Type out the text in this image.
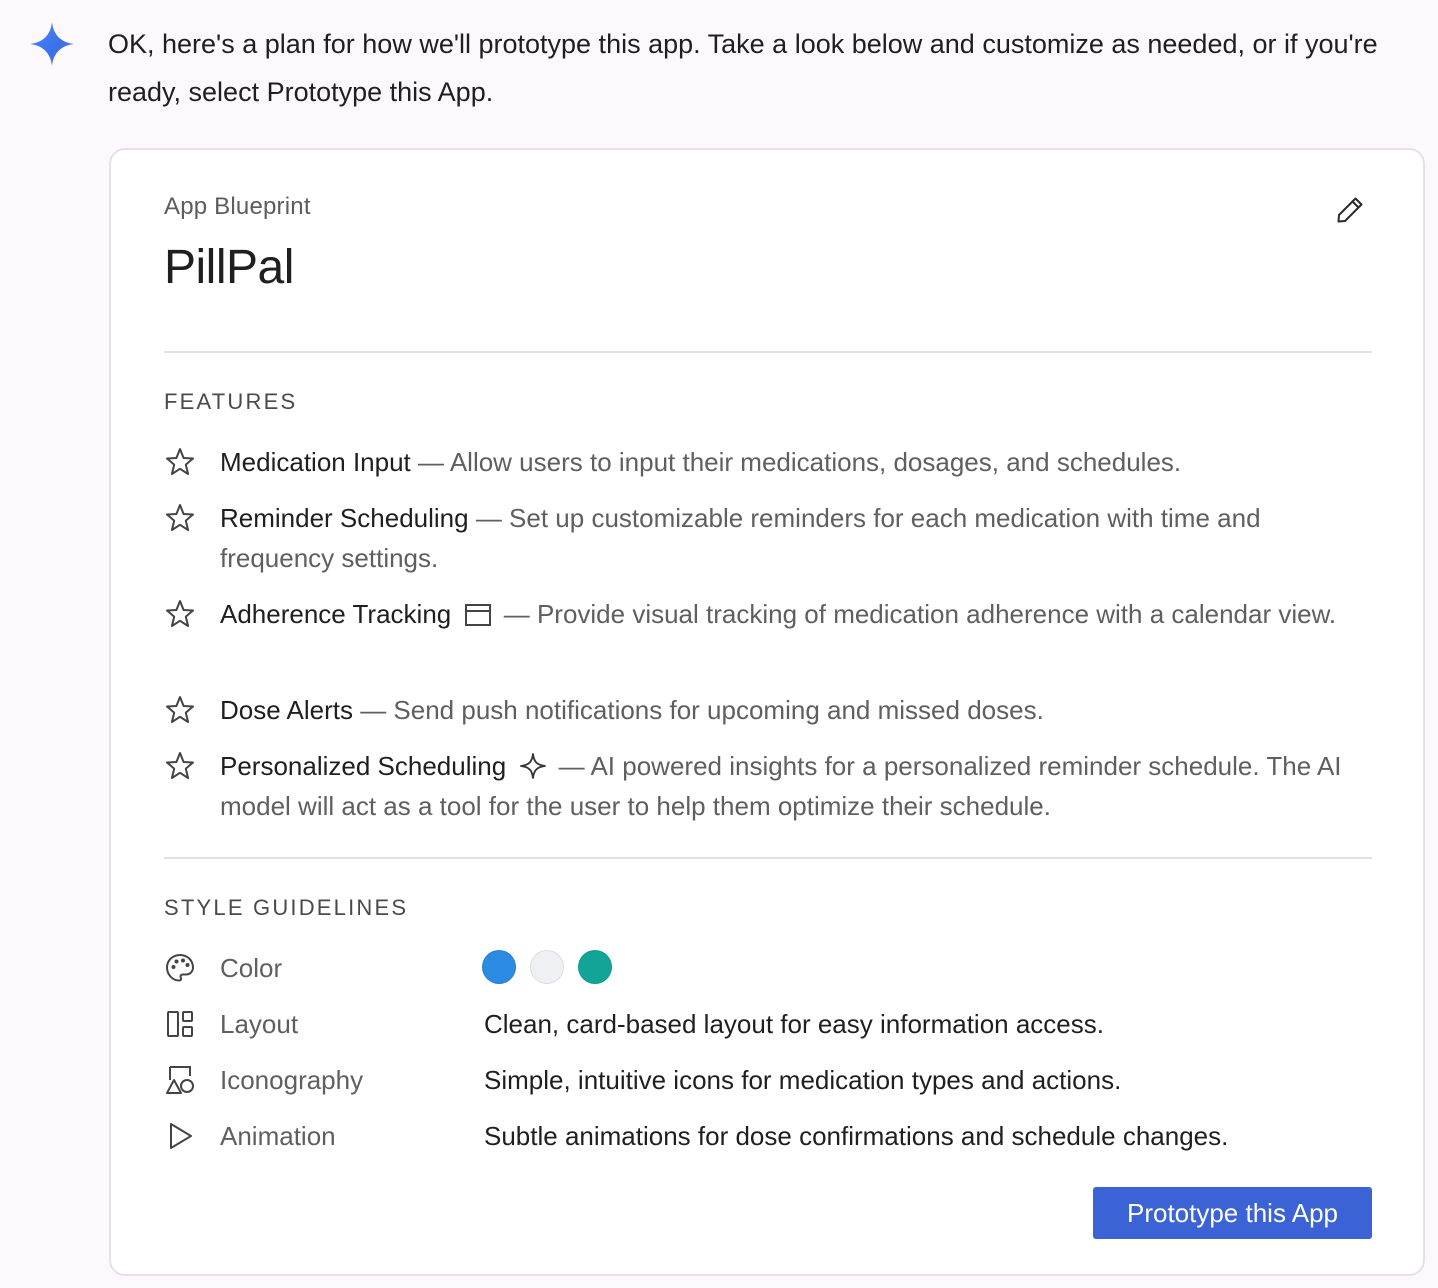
OK, here's a plan for how we'll prototype this app. Take a look below and customize as needed, or if you're ready, select Prototype this App.
App Blueprint
PillPal
FEATURES
Medication Input — Allow users to input their medications, dosages, and schedules.
Reminder Scheduling — Set up customizable reminders for each medication with time and frequency settings.
Adherence Tracking — Provide visual tracking of medication adherence with a calendar view.
Dose Alerts — Send push notifications for upcoming and missed doses.
Personalized Scheduling — AI powered insights for a personalized reminder schedule. The AI model will act as a tool for the user to help them optimize their schedule.
STYLE GUIDELINES
Color
Layout	Clean, card-based layout for easy information access.
Iconography	Simple, intuitive icons for medication types and actions.
Animation	Subtle animations for dose confirmations and schedule changes.
Prototype this App
